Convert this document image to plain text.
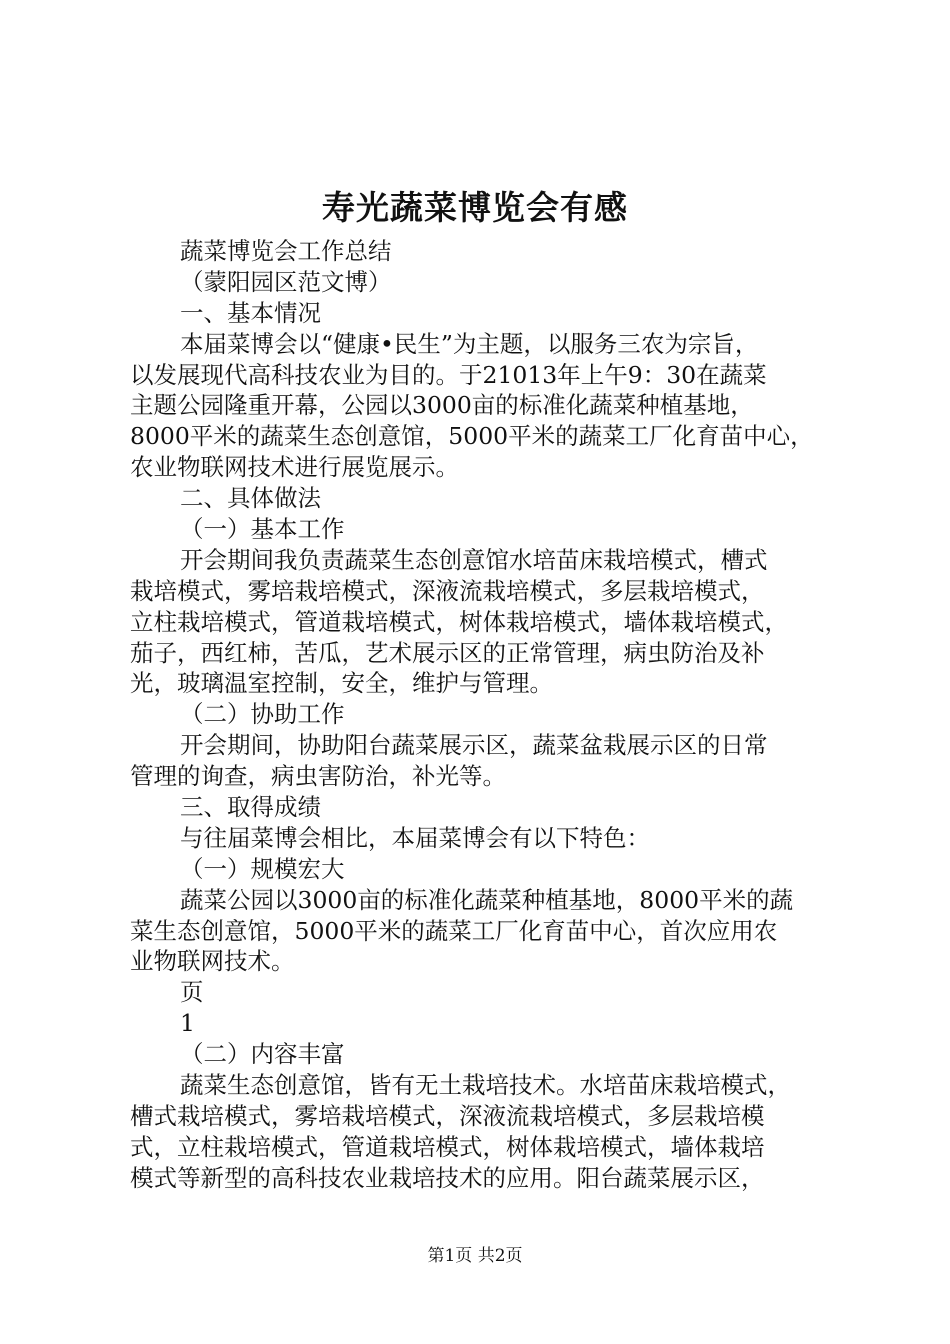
寿光蔬菜博览会有感

蔬菜博览会工作总结

（蒙阳园区范文博）

一、基本情况

本届菜博会以“健康•民生”为主题，以服务三农为宗旨，

以发展现代高科技农业为目的。于21013年上午9：30在蔬菜

主题公园隆重开幕，公园以3000亩的标准化蔬菜种植基地，

8000平米的蔬菜生态创意馆，5000平米的蔬菜工厂化育苗中心，

农业物联网技术进行展览展示。

二、具体做法

（一）基本工作

开会期间我负责蔬菜生态创意馆水培苗床栽培模式，槽式

栽培模式，雾培栽培模式，深液流栽培模式，多层栽培模式，

立柱栽培模式，管道栽培模式，树体栽培模式，墙体栽培模式，

茄子，西红柿，苦瓜，艺术展示区的正常管理，病虫防治及补

光，玻璃温室控制，安全，维护与管理。

（二）协助工作

开会期间，协助阳台蔬菜展示区，蔬菜盆栽展示区的日常

管理的询查，病虫害防治，补光等。

三、取得成绩

与往届菜博会相比，本届菜博会有以下特色：

（一）规模宏大

蔬菜公园以3000亩的标准化蔬菜种植基地，8000平米的蔬

菜生态创意馆，5000平米的蔬菜工厂化育苗中心，首次应用农

业物联网技术。

页

1

（二）内容丰富

蔬菜生态创意馆，皆有无土栽培技术。水培苗床栽培模式，

槽式栽培模式，雾培栽培模式，深液流栽培模式，多层栽培模

式，立柱栽培模式，管道栽培模式，树体栽培模式，墙体栽培

模式等新型的高科技农业栽培技术的应用。阳台蔬菜展示区，

第1页 共2页
